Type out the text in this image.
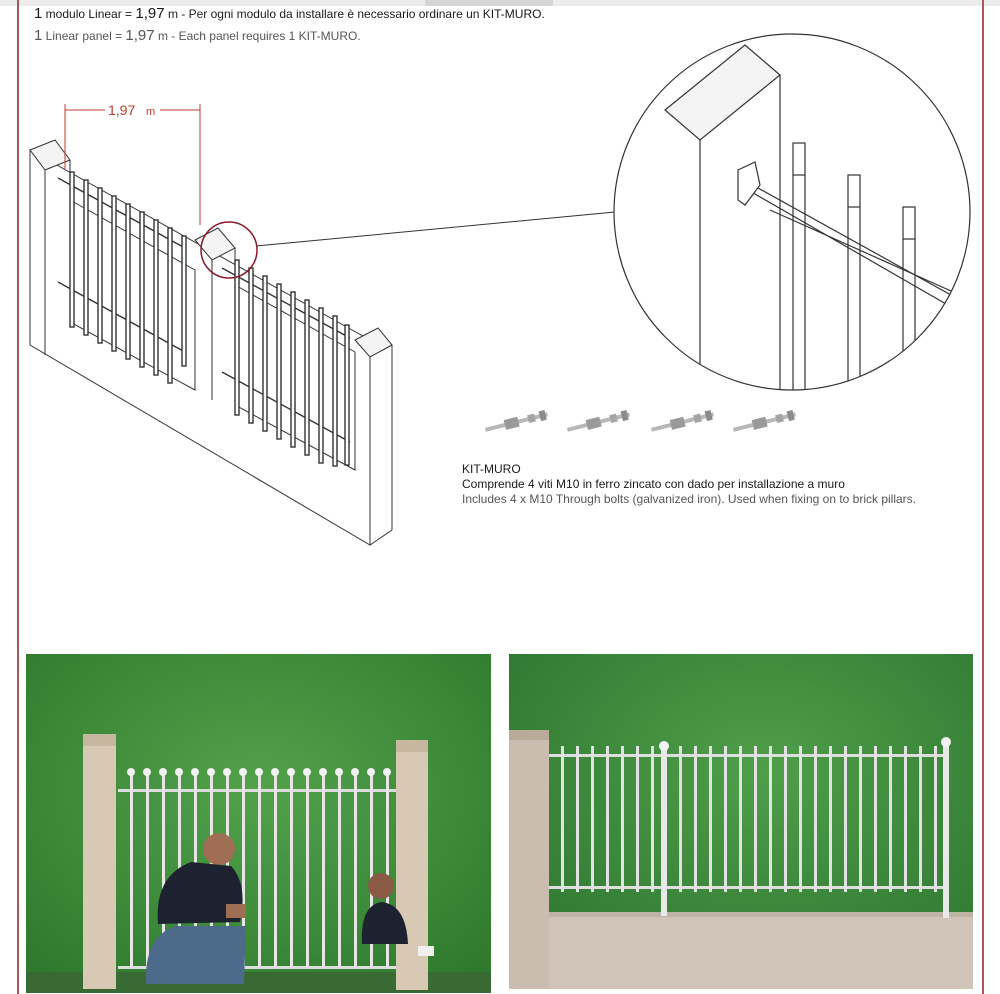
1 modulo Linear = 1,97 m - Per ogni modulo da installare è necessario ordinare un KIT-MURO.
1 Linear panel = 1,97 m - Each panel requires 1 KIT-MURO.
1,97 m
KIT-MURO
Comprende 4 viti M10 in ferro zincato con dado per installazione a muro
Includes 4 x M10 Through bolts (galvanized iron). Used when fixing on to brick pillars.
